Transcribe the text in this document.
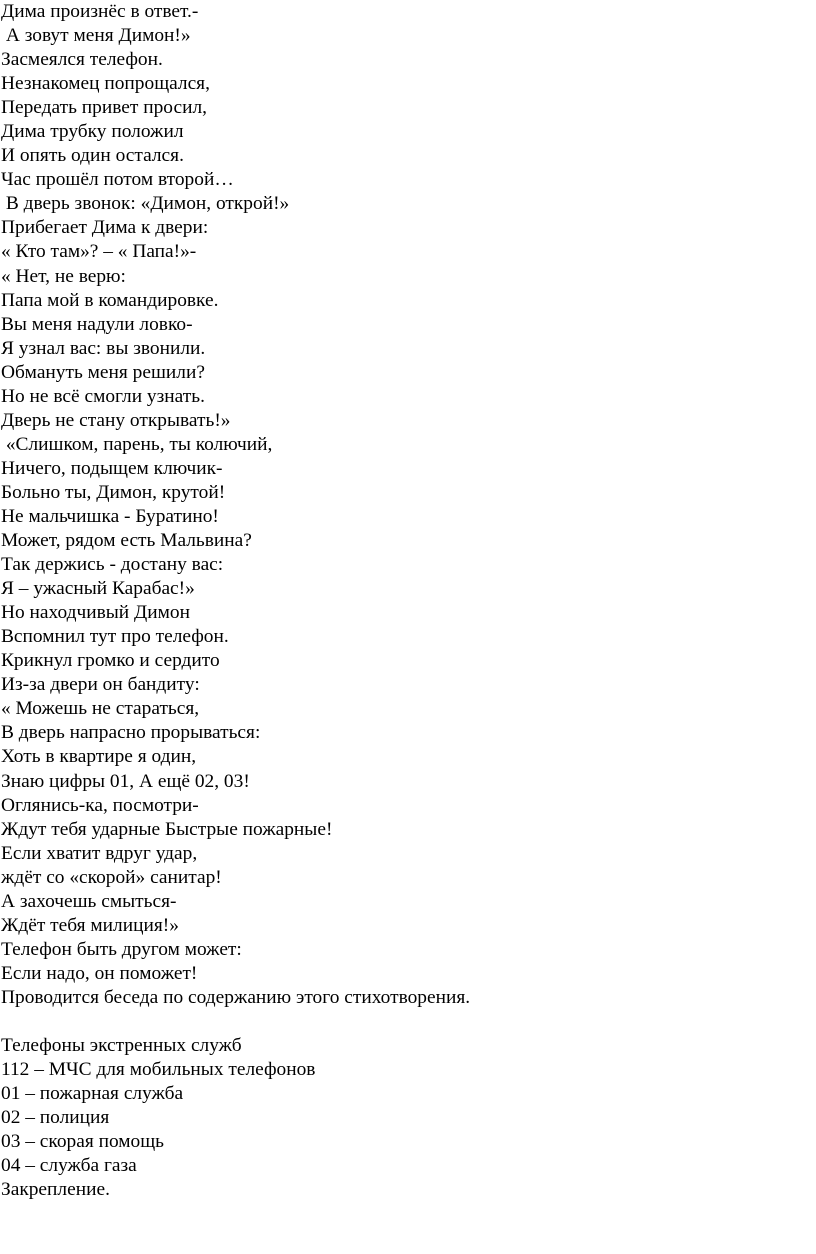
Дима произнёс в ответ.-
А зовут меня Димон!»
Засмеялся телефон.
Незнакомец попрощался,
Передать привет просил,
Дима трубку положил
И опять один остался.
Час прошёл потом второй…
В дверь звонок: «Димон, открой!»
Прибегает Дима к двери:
« Кто там»? – « Папа!»-
« Нет, не верю:
Папа мой в командировке.
Вы меня надули ловко-
Я узнал вас: вы звонили.
Обмануть меня решили?
Но не всё смогли узнать.
Дверь не стану открывать!»
«Слишком, парень, ты колючий,
Ничего, подыщем ключик-
Больно ты, Димон, крутой!
Не мальчишка - Буратино!
Может, рядом есть Мальвина?
Так держись - достану вас:
Я – ужасный Карабас!»
Но находчивый Димон
Вспомнил тут про телефон.
Крикнул громко и сердито
Из-за двери он бандиту:
« Можешь не стараться,
В дверь напрасно прорываться:
Хоть в квартире я один,
Знаю цифры 01, А ещё 02, 03!
Оглянись-ка, посмотри-
Ждут тебя ударные Быстрые пожарные!
Если хватит вдруг удар,
ждёт со «скорой» санитар!
А захочешь смыться-
Ждёт тебя милиция!»
Телефон быть другом может:
Если надо, он поможет!
Проводится беседа по содержанию этого стихотворения.
Телефоны экстренных служб
112 – МЧС для мобильных телефонов
01 – пожарная служба
02 – полиция
03 – скорая помощь
04 – служба газа
Закрепление.
